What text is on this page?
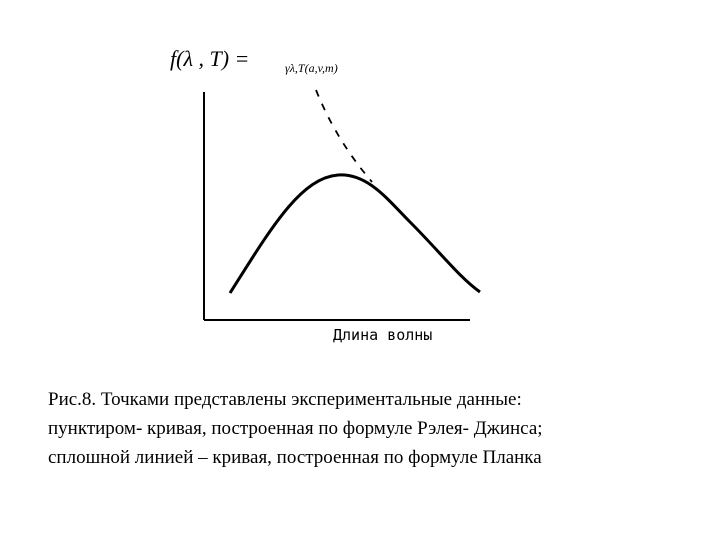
f(λ , T) =	γλ,T(a,v,m)
Длина волны
Рис.8. Точками представлены экспериментальные данные:
пунктиром- кривая, построенная по формуле Рэлея- Джинса;
сплошной линией – кривая, построенная по формуле Планка
